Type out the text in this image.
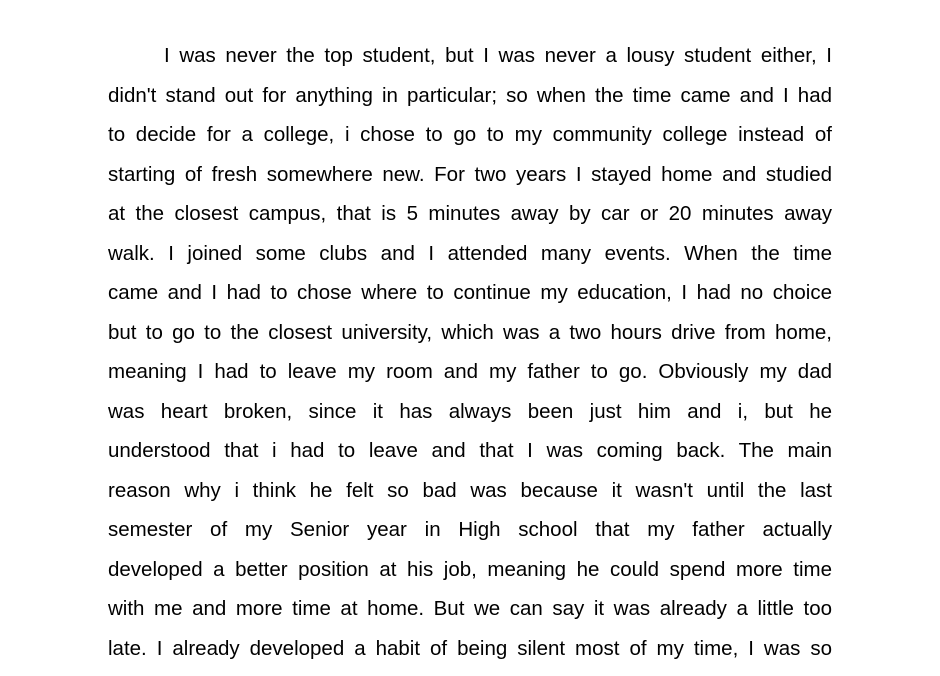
I was never the top student, but I was never a lousy student either, I
didn't stand out for anything in particular; so when the time came and I had
to decide for a college, i chose to go to my community college instead of
starting of fresh somewhere new. For two years I stayed home and studied
at the closest campus, that is 5 minutes away by car or 20 minutes away
walk. I joined some clubs and I attended many events. When the time
came and I had to chose where to continue my education, I had no choice
but to go to the closest university, which was a two hours drive from home,
meaning I had to leave my room and my father to go. Obviously my dad
was heart broken, since it has always been just him and i, but he
understood that i had to leave and that I was coming back. The main
reason why i think he felt so bad was because it wasn't until the last
semester of my Senior year in High school that my father actually
developed a better position at his job, meaning he could spend more time
with me and more time at home. But we can say it was already a little too
late. I already developed a habit of being silent most of my time, I was so
